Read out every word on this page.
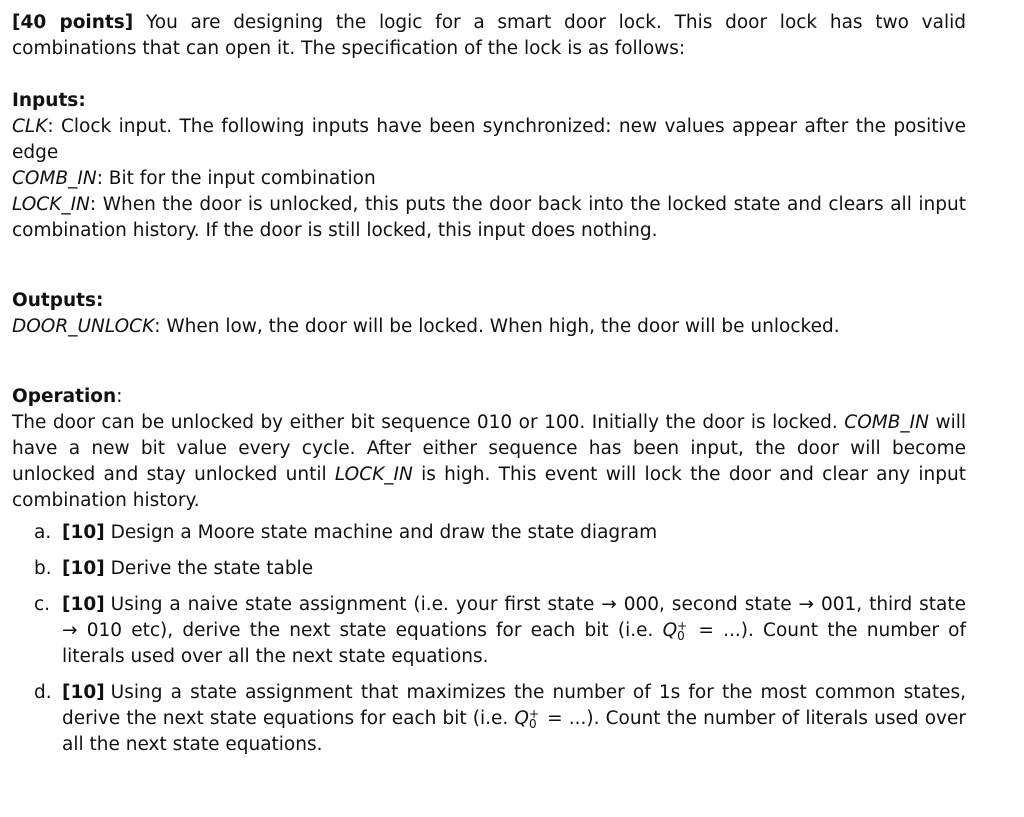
[40 points] You are designing the logic for a smart door lock. This door lock has two valid combinations that can open it. The specification of the lock is as follows:

Inputs:

CLK: Clock input. The following inputs have been synchronized: new values appear after the positive edge

COMB_IN: Bit for the input combination

LOCK_IN: When the door is unlocked, this puts the door back into the locked state and clears all input combination history. If the door is still locked, this input does nothing.

Outputs:

DOOR_UNLOCK: When low, the door will be locked. When high, the door will be unlocked.

Operation:

The door can be unlocked by either bit sequence 010 or 100. Initially the door is locked. COMB_IN will have a new bit value every cycle. After either sequence has been input, the door will become unlocked and stay unlocked until LOCK_IN is high. This event will lock the door and clear any input combination history.

a. [10] Design a Moore state machine and draw the state diagram
b. [10] Derive the state table
c. [10] Using a naive state assignment (i.e. your first state → 000, second state → 001, third state → 010 etc), derive the next state equations for each bit (i.e. Q +
0 = ...). Count the number of literals used over all the next state equations.
d. [10] Using a state assignment that maximizes the number of 1s for the most common states, derive the next state equations for each bit (i.e. Q +
0 = ...). Count the number of literals used over all the next state equations.
